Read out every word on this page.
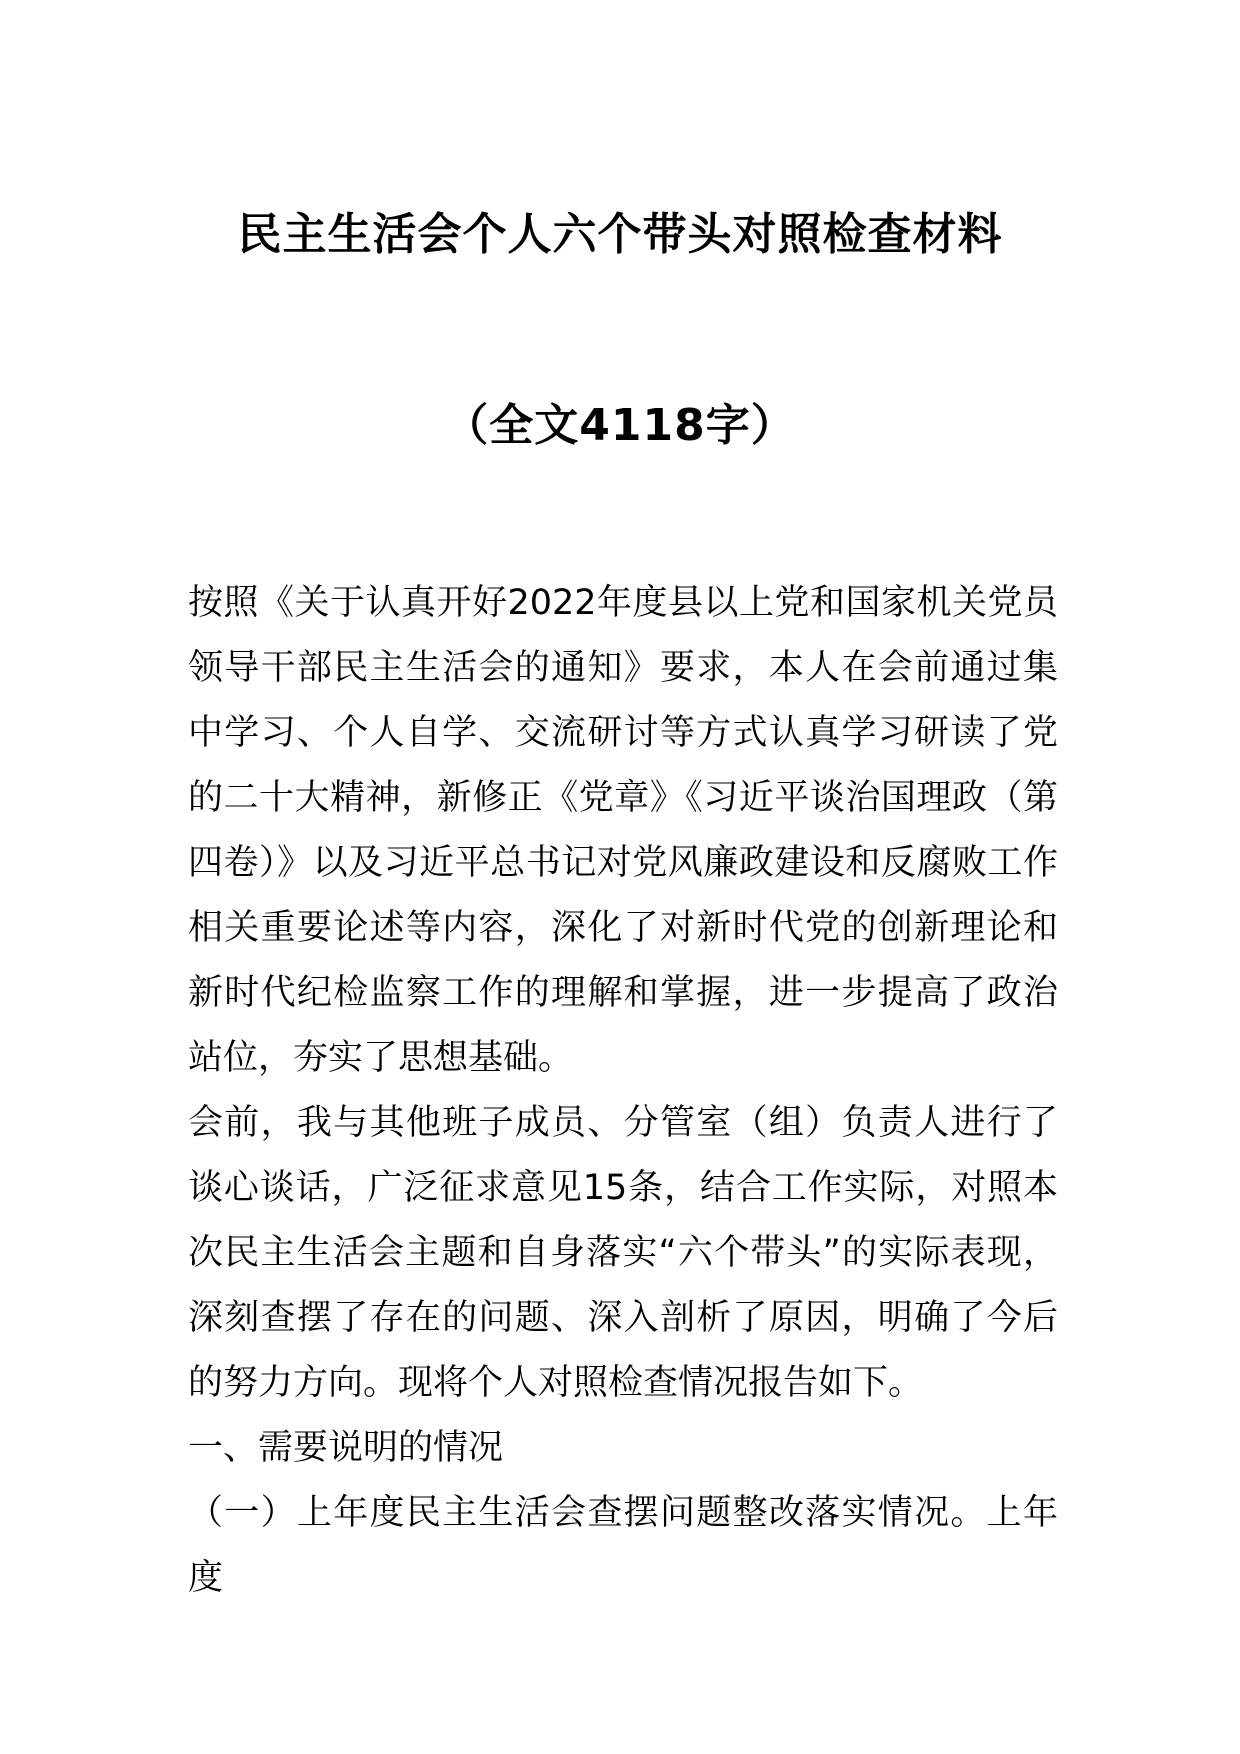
民主生活会个人六个带头对照检查材料
（全文4118字）

按照《关于认真开好2022年度县以上党和国家机关党员领导干部民主生活会的通知》要求，本人在会前通过集中学习、个人自学、交流研讨等方式认真学习研读了党的二十大精神，新修正《党章》《习近平谈治国理政（第四卷）》以及习近平总书记对党风廉政建设和反腐败工作相关重要论述等内容，深化了对新时代党的创新理论和新时代纪检监察工作的理解和掌握，进一步提高了政治站位，夯实了思想基础。

会前，我与其他班子成员、分管室（组）负责人进行了谈心谈话，广泛征求意见15条，结合工作实际，对照本次民主生活会主题和自身落实“六个带头”的实际表现，深刻查摆了存在的问题、深入剖析了原因，明确了今后的努力方向。现将个人对照检查情况报告如下。

一、需要说明的情况

（一）上年度民主生活会查摆问题整改落实情况。上年度
